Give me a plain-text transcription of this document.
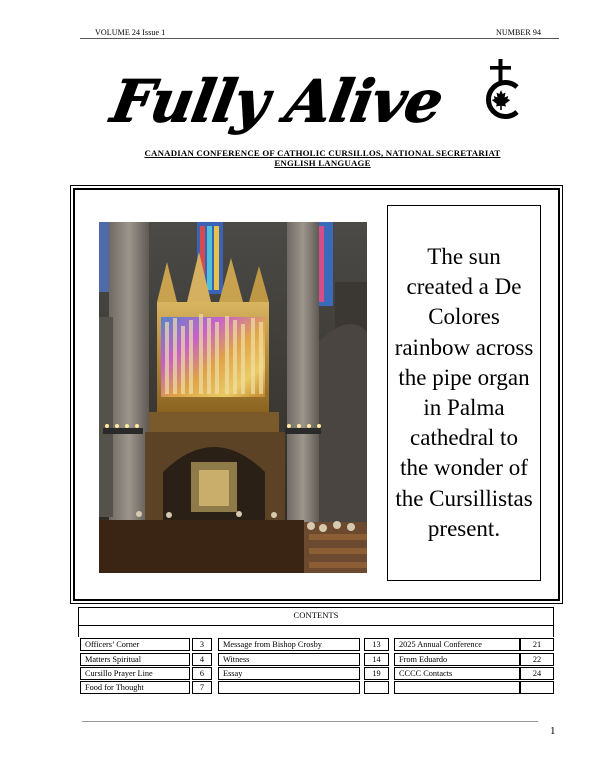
VOLUME 24 Issue 1	NUMBER 94
Fully Alive
CANADIAN CONFERENCE OF CATHOLIC CURSILLOS, NATIONAL SECRETARIAT
ENGLISH LANGUAGE
The sun created a De Colores rainbow across the pipe organ in Palma cathedral to the wonder of the Cursillistas present.
CONTENTS
Officers’ Corner	3	Message from Bishop Crosby	13	2025 Annual Conference	21
Matters Spiritual	4	Witness	14	From Eduardo	22
Cursillo Prayer Line	6	Essay	19	CCCC Contacts	24
Food for Thought	7
1
